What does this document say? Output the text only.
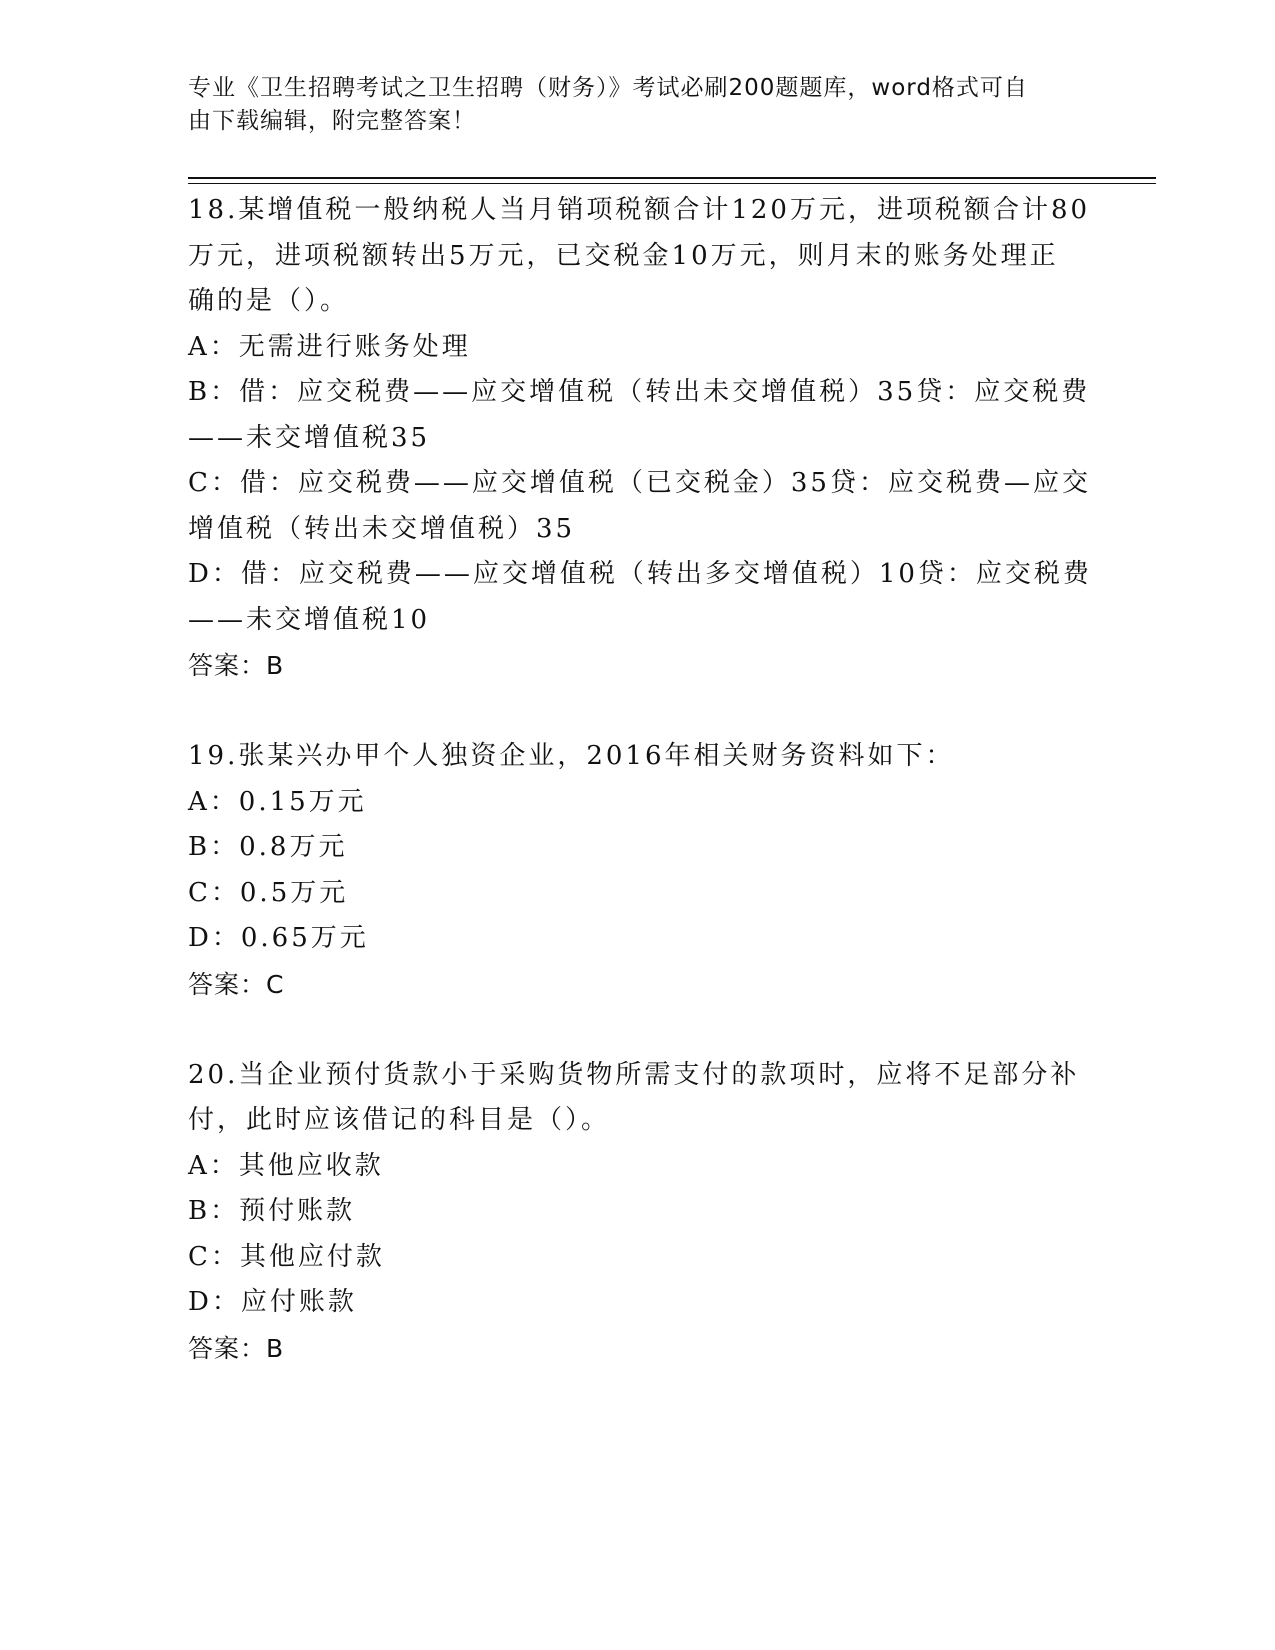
专业《卫生招聘考试之卫生招聘（财务）》考试必刷200题题库，word格式可自
由下载编辑，附完整答案！
18.某增值税一般纳税人当月销项税额合计120万元，进项税额合计80
万元，进项税额转出5万元，已交税金10万元，则月末的账务处理正
确的是（）。
A：无需进行账务处理
B：借：应交税费——应交增值税（转出未交增值税）35贷：应交税费
——未交增值税35
C：借：应交税费——应交增值税（已交税金）35贷：应交税费—应交
增值税（转出未交增值税）35
D：借：应交税费——应交增值税（转出多交增值税）10贷：应交税费
——未交增值税10
答案：B
19.张某兴办甲个人独资企业，2016年相关财务资料如下：
A：0.15万元
B：0.8万元
C：0.5万元
D：0.65万元
答案：C
20.当企业预付货款小于采购货物所需支付的款项时，应将不足部分补
付，此时应该借记的科目是（）。
A：其他应收款
B：预付账款
C：其他应付款
D：应付账款
答案：B
